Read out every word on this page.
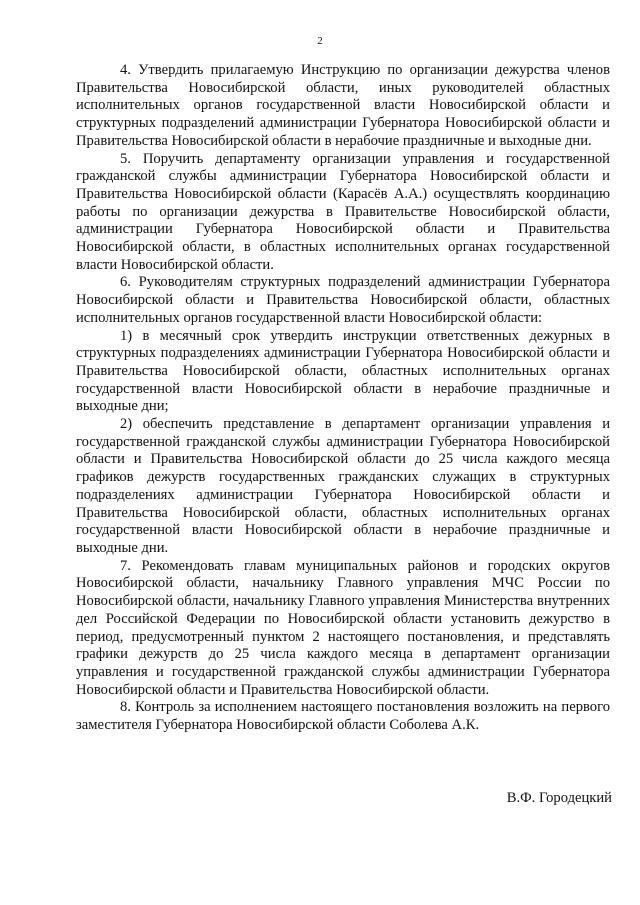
2

4. Утвердить прилагаемую Инструкцию по организации дежурства членов Правительства Новосибирской области, иных руководителей областных исполнительных органов государственной власти Новосибирской области и структурных подразделений администрации Губернатора Новосибирской области и Правительства Новосибирской области в нерабочие праздничные и выходные дни.

5. Поручить департаменту организации управления и государственной гражданской службы администрации Губернатора Новосибирской области и Правительства Новосибирской области (Карасёв А.А.) осуществлять координацию работы по организации дежурства в Правительстве Новосибирской области, администрации Губернатора Новосибирской области и Правительства Новосибирской области, в областных исполнительных органах государственной власти Новосибирской области.

6. Руководителям структурных подразделений администрации Губернатора Новосибирской области и Правительства Новосибирской области, областных исполнительных органов государственной власти Новосибирской области:

1) в месячный срок утвердить инструкции ответственных дежурных в структурных подразделениях администрации Губернатора Новосибирской области и Правительства Новосибирской области, областных исполнительных органах государственной власти Новосибирской области в нерабочие праздничные и выходные дни;

2) обеспечить представление в департамент организации управления и государственной гражданской службы администрации Губернатора Новосибирской области и Правительства Новосибирской области до 25 числа каждого месяца графиков дежурств государственных гражданских служащих в структурных подразделениях администрации Губернатора Новосибирской области и Правительства Новосибирской области, областных исполнительных органах государственной власти Новосибирской области в нерабочие праздничные и выходные дни.

7. Рекомендовать главам муниципальных районов и городских округов Новосибирской области, начальнику Главного управления МЧС России по Новосибирской области, начальнику Главного управления Министерства внутренних дел Российской Федерации по Новосибирской области установить дежурство в период, предусмотренный пунктом 2 настоящего постановления, и представлять графики дежурств до 25 числа каждого месяца в департамент организации управления и государственной гражданской службы администрации Губернатора Новосибирской области и Правительства Новосибирской области.

8. Контроль за исполнением настоящего постановления возложить на первого заместителя Губернатора Новосибирской области Соболева А.К.

В.Ф. Городецкий
